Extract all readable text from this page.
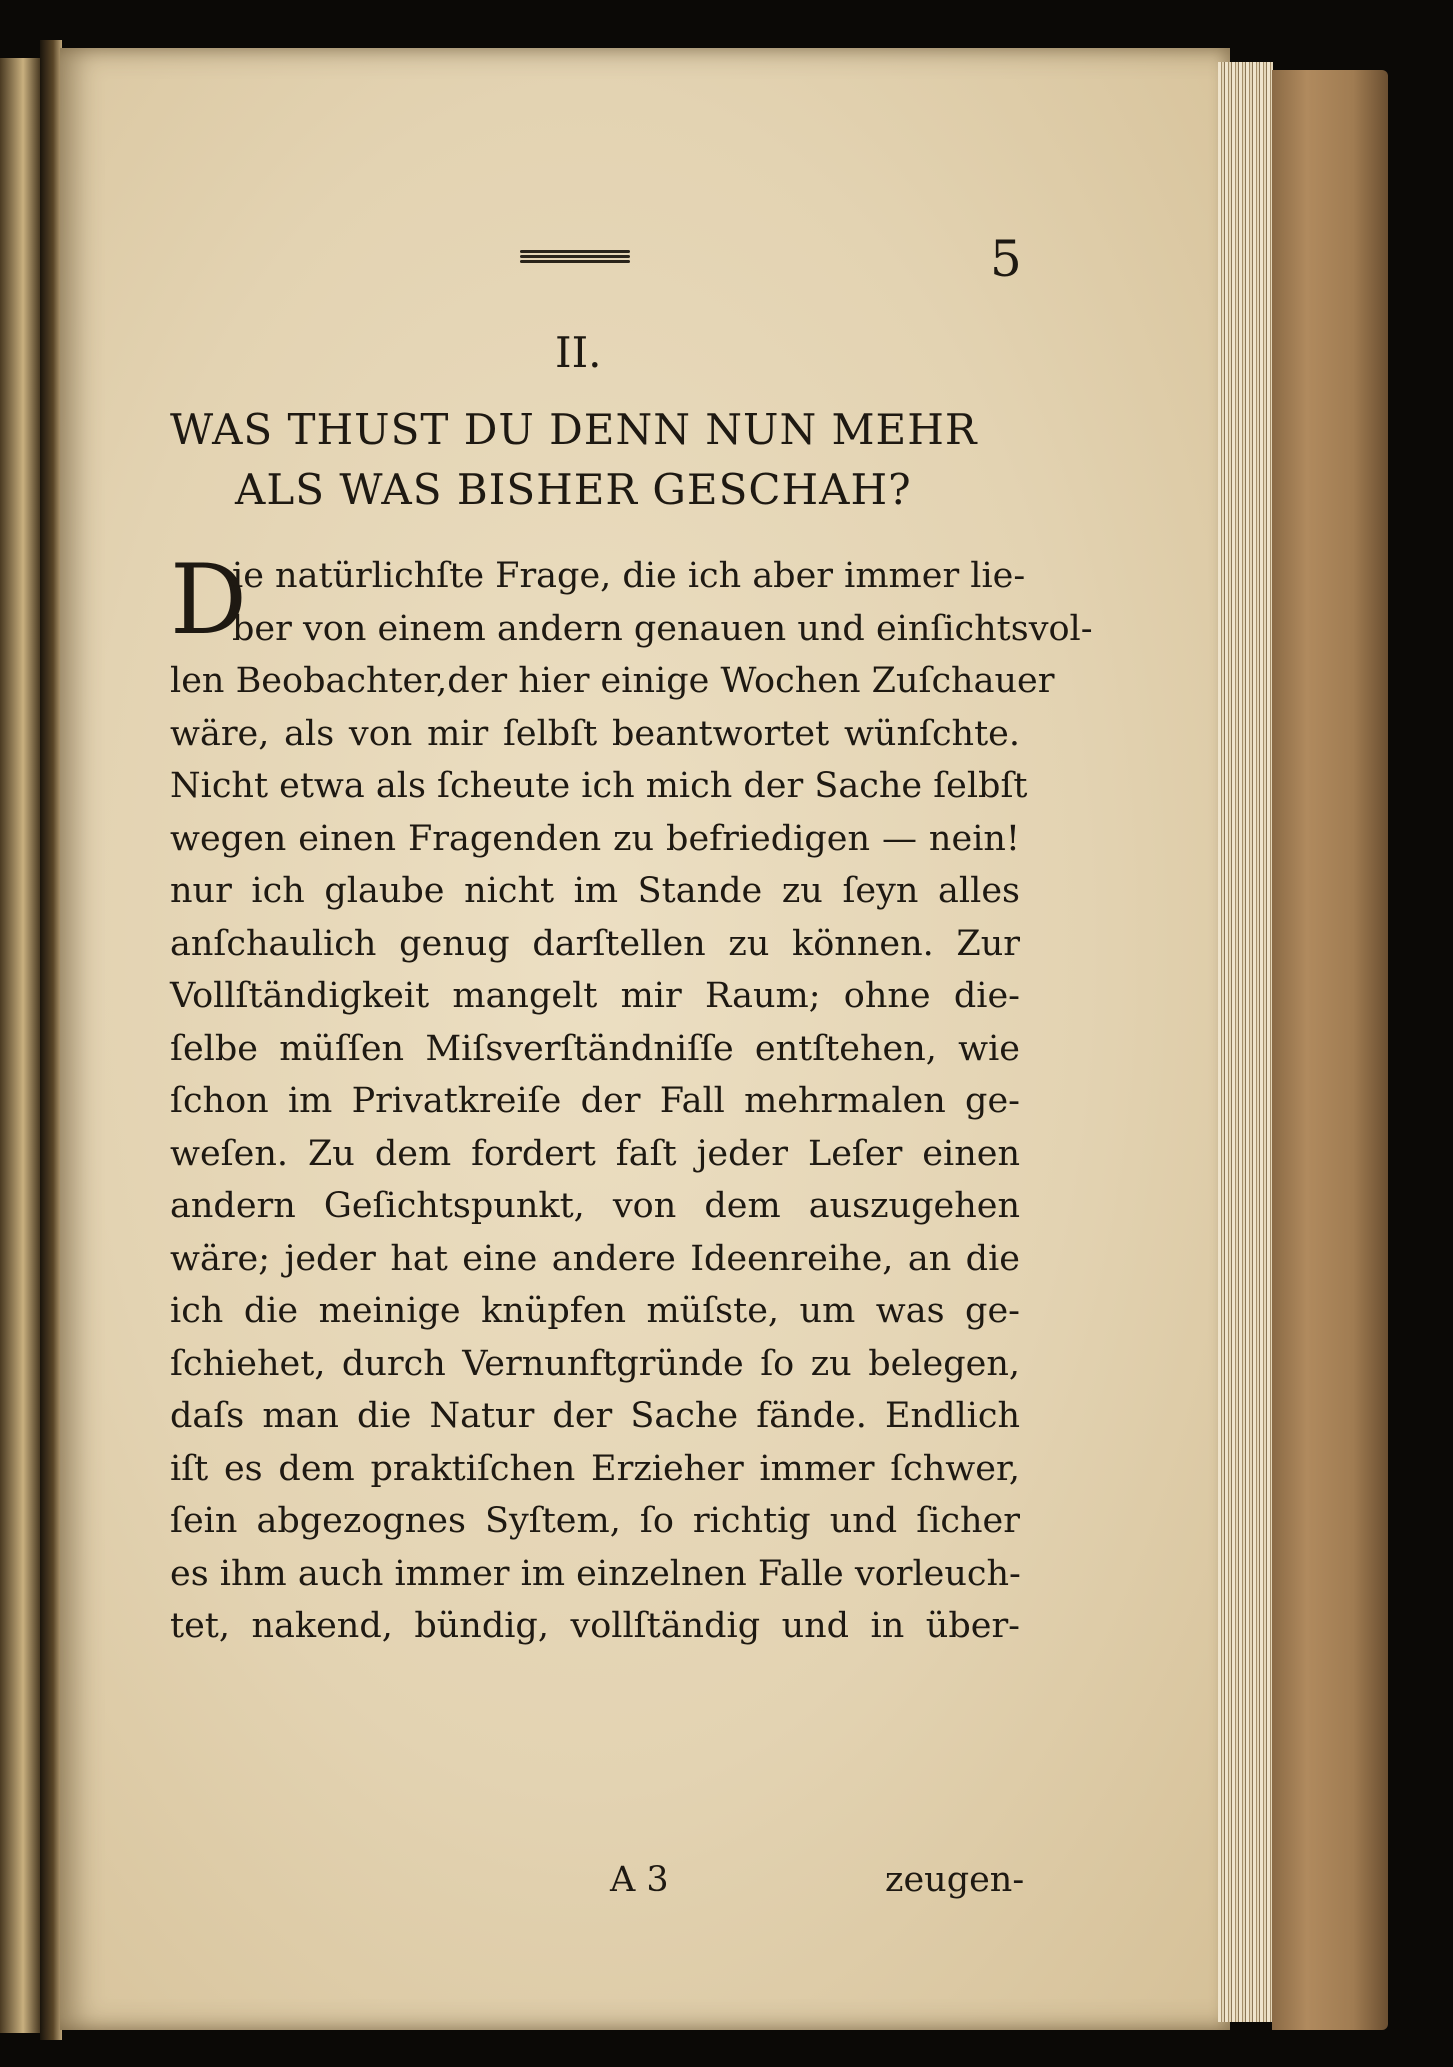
5
II.
WAS THUST DU DENN NUN MEHR
ALS WAS BISHER GESCHAH?
D
ie natürlichſte Frage, die ich aber immer lie-
ber von einem andern genauen und einſichtsvol-
len Beobachter,der hier einige Wochen Zuſchauer
wäre, als von mir ſelbſt beantwortet wünſchte.
Nicht etwa als ſcheute ich mich der Sache ſelbſt
wegen einen Fragenden zu befriedigen — nein!
nur ich glaube nicht im Stande zu ſeyn alles
anſchaulich genug darſtellen zu können. Zur
Vollſtändigkeit mangelt mir Raum; ohne die-
ſelbe müſſen Miſsverſtändniſſe entſtehen, wie
ſchon im Privatkreiſe der Fall mehrmalen ge-
weſen. Zu dem fordert faſt jeder Leſer einen
andern Geſichtspunkt, von dem auszugehen
wäre; jeder hat eine andere Ideenreihe, an die
ich die meinige knüpfen müſste, um was ge-
ſchiehet, durch Vernunftgründe ſo zu belegen,
daſs man die Natur der Sache fände. Endlich
iſt es dem praktiſchen Erzieher immer ſchwer,
ſein abgezognes Syſtem, ſo richtig und ſicher
es ihm auch immer im einzelnen Falle vorleuch-
tet, nakend, bündig, vollſtändig und in über-
A 3	zeugen-
